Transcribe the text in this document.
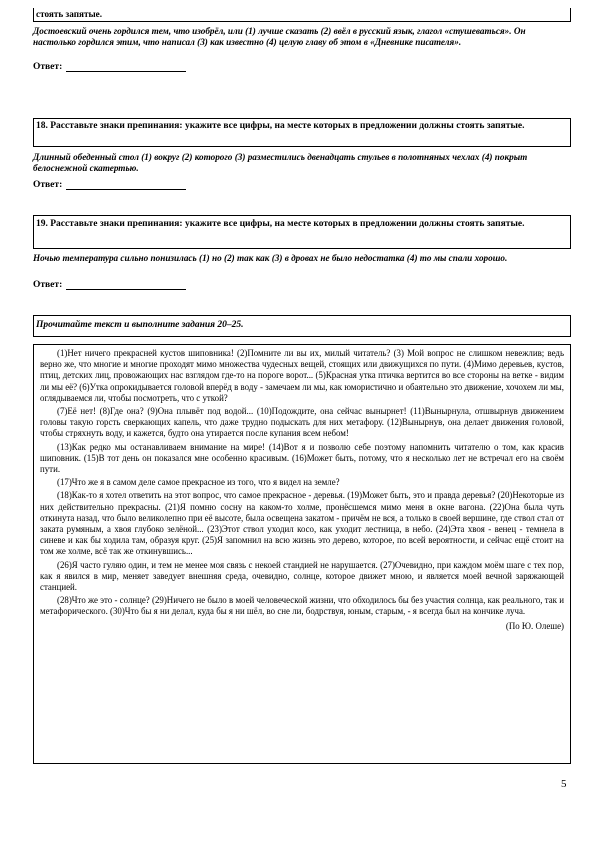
стоять запятые.
Достоевский очень гордился тем, что изобрёл, или (1) лучше сказать (2) ввёл в русский язык, глагол «стушеваться». Он настолько гордился этим, что написал (3) как известно (4) целую главу об этом в «Дневнике писателя».
Ответ:
18. Расставьте знаки препинания: укажите все цифры, на месте которых в предложении должны стоять запятые.
Длинный обеденный стол (1) вокруг (2) которого (3) разместились двенадцать стульев в полотняных чехлах (4) покрыт белоснежной скатертью.
Ответ:
19. Расставьте знаки препинания: укажите все цифры, на месте которых в предложении должны стоять запятые.
Ночью температура сильно понизилась (1) но (2) так как (3) в дровах не было недостатка (4) то мы спали хорошо.
Ответ:
Прочитайте текст и выполните задания 20–25.

(1)Нет ничего прекрасней кустов шиповника! (2)Помните ли вы их, милый читатель? (3) Мой вопрос не слишком невежлив; ведь верно же, что многие и многие проходят мимо множества чудесных вещей, стоящих или движущихся по пути. (4)Мимо деревьев, кустов, птиц, детских лиц, провожающих нас взглядом где-то на пороге ворот... (5)Красная утка птичка вертится во все стороны на ветке - видим ли мы её? (6)Утка опрокидывается головой вперёд в воду - замечаем ли мы, как юмористично и обаятельно это движение, хочохем ли мы, оглядываемся ли, чтобы посмотреть, что с уткой?

(7)Её нет! (8)Где она? (9)Она плывёт под водой... (10)Подождите, она сейчас вынырнет! (11)Вынырнула, отшвырнув движением головы такую горсть сверкающих капель, что даже трудно подыскать для них метафору. (12)Вынырнув, она делает движения головой, чтобы стряхнуть воду, и кажется, будто она утирается после купания всем небом!

(13)Как редко мы останавливаем внимание на мире! (14)Вот я и позволю себе поэтому напомнить читателю о том, как красив шиповник. (15)В тот день он показался мне особенно красивым. (16)Может быть, потому, что я несколько лет не встречал его на своём пути.

(17)Что же я в самом деле самое прекрасное из того, что я видел на земле?

(18)Как-то я хотел ответить на этот вопрос, что самое прекрасное - деревья. (19)Может быть, это и правда деревья? (20)Некоторые из них действительно прекрасны. (21)Я помню сосну на каком-то холме, пронёсшемся мимо меня в окне вагона. (22)Она была чуть откинута назад, что было великолепно при её высоте, была освещена закатом - причём не вся, а только в своей вершине, где ствол стал от заката румяным, а хвоя глубоко зелёной... (23)Этот ствол уходил косо, как уходит лестница, в небо. (24)Эта хвоя - венец - темнела в синеве и как бы ходила там, образуя круг. (25)Я запомнил на всю жизнь это дерево, которое, по всей вероятности, и сейчас ещё стоит на том же холме, всё так же откинувшись...

(26)Я часто гуляю один, и тем не менее моя связь с некоей стандией не нарушается. (27)Очевидно, при каждом моём шаге с тех пор, как я явился в мир, меняет заведует внешняя среда, очевидно, солнце, которое движет мною, и является моей вечной заряжающей станцией.

(28)Что же это - солнце? (29)Ничего не было в моей человеческой жизни, что обходилось бы без участия солнца, как реального, так и метафорического. (30)Что бы я ни делал, куда бы я ни шёл, во сне ли, бодрствуя, юным, старым, - я всегда был на кончике луча.

(По Ю. Олеше)
5
